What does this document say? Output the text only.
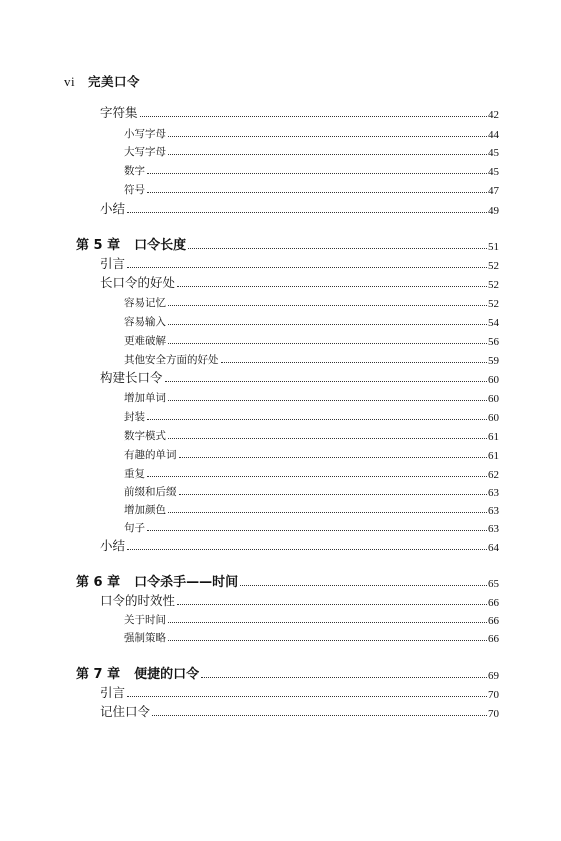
vi 完美口令
字符集	42
小写字母	44
大写字母	45
数字	45
符号	47
小结	49
第 5 章 口令长度	51
引言	52
长口令的好处	52
容易记忆	52
容易输入	54
更难破解	56
其他安全方面的好处	59
构建长口令	60
增加单词	60
封装	60
数字模式	61
有趣的单词	61
重复	62
前缀和后缀	63
增加颜色	63
句子	63
小结	64
第 6 章 口令杀手——时间	65
口令的时效性	66
关于时间	66
强制策略	66
第 7 章 便捷的口令	69
引言	70
记住口令	70
